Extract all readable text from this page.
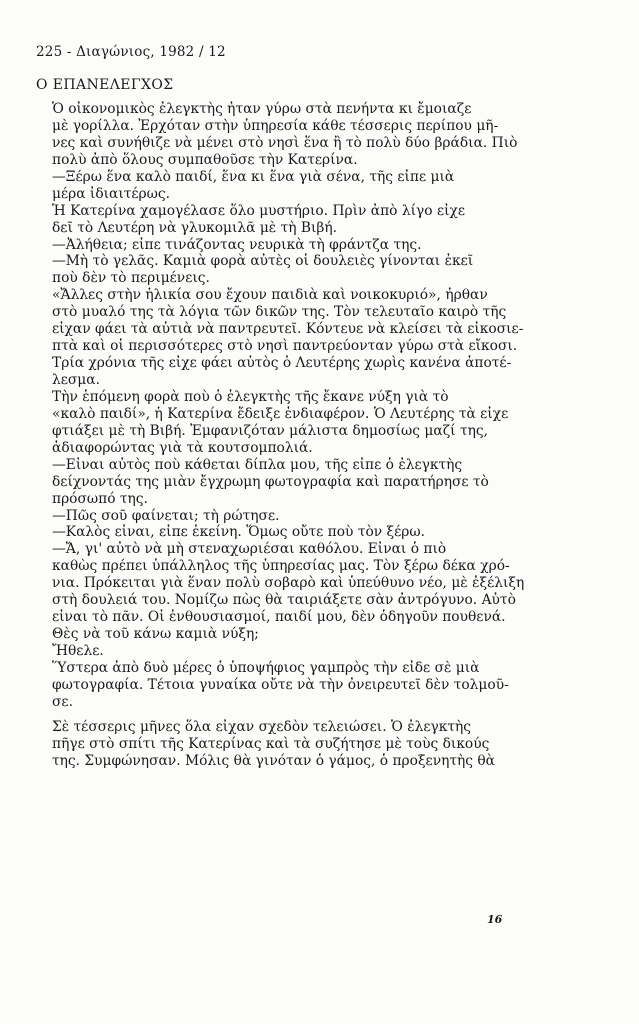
225 - Διαγώνιος, 1982 / 12
Ο ΕΠΑΝΕΛΕΓΧΟΣ
Ὁ οἰκονομικὸς ἐλεγκτὴς ἦταν γύρω στὰ πενήντα κι ἔμοιαζε
μὲ γορίλλα. Ἐρχόταν στὴν ὑπηρεσία κάθε τέσσερις περίπου μῆ-
νες καὶ συνήθιζε νὰ μένει στὸ νησὶ ἕνα ἢ τὸ πολὺ δύο βράδια. Πιὸ
πολὺ ἀπὸ ὅλους συμπαθοῦσε τὴν Κατερίνα.
—Ξέρω ἕνα καλὸ παιδί, ἕνα κι ἕνα γιὰ σένα, τῆς εἶπε μιὰ
μέρα ἰδιαιτέρως.
Ἡ Κατερίνα χαμογέλασε ὅλο μυστήριο. Πρὶν ἀπὸ λίγο εἶχε
δεῖ τὸ Λευτέρη νὰ γλυκομιλᾶ μὲ τὴ Βιβή.
—Ἀλήθεια; εἶπε τινάζοντας νευρικὰ τὴ φράντζα της.
—Μὴ τὸ γελᾶς. Καμιὰ φορὰ αὐτὲς οἱ δουλειὲς γίνονται ἐκεῖ
ποὺ δὲν τὸ περιμένεις.
«Ἄλλες στὴν ἡλικία σου ἔχουν παιδιὰ καὶ νοικοκυριό», ἦρθαν
στὸ μυαλό της τὰ λόγια τῶν δικῶν της. Τὸν τελευταῖο καιρὸ τῆς
εἶχαν φάει τὰ αὐτιὰ νὰ παντρευτεῖ. Κόντευε νὰ κλείσει τὰ εἰκοσιε-
πτὰ καὶ οἱ περισσότερες στὸ νησὶ παντρεύονταν γύρω στὰ εἴκοσι.
Τρία χρόνια τῆς εἶχε φάει αὐτὸς ὁ Λευτέρης χωρὶς κανένα ἀποτέ-
λεσμα.
Τὴν ἑπόμενη φορὰ ποὺ ὁ ἐλεγκτὴς τῆς ἔκανε νύξη γιὰ τὸ
«καλὸ παιδί», ἡ Κατερίνα ἔδειξε ἐνδιαφέρον. Ὁ Λευτέρης τὰ εἶχε
φτιάξει μὲ τὴ Βιβή. Ἐμφανιζόταν μάλιστα δημοσίως μαζί της,
ἀδιαφορώντας γιὰ τὰ κουτσομπολιά.
—Εἶναι αὐτὸς ποὺ κάθεται δίπλα μου, τῆς εἶπε ὁ ἐλεγκτὴς
δείχνοντάς της μιὰν ἔγχρωμη φωτογραφία καὶ παρατήρησε τὸ
πρόσωπό της.
—Πῶς σοῦ φαίνεται; τὴ ρώτησε.
—Καλὸς εἶναι, εἶπε ἐκείνη. Ὅμως οὔτε ποὺ τὸν ξέρω.
—Ἄ, γι' αὐτὸ νὰ μὴ στεναχωριέσαι καθόλου. Εἶναι ὁ πιὸ
καθὼς πρέπει ὑπάλληλος τῆς ὑπηρεσίας μας. Τὸν ξέρω δέκα χρό-
νια. Πρόκειται γιὰ ἕναν πολὺ σοβαρὸ καὶ ὑπεύθυνο νέο, μὲ ἐξέλιξη
στὴ δουλειά του. Νομίζω πὼς θὰ ταιριάξετε σὰν ἀντρόγυνο. Αὐτὸ
εἶναι τὸ πᾶν. Οἱ ἐνθουσιασμοί, παιδί μου, δὲν ὁδηγοῦν πουθενά.
Θὲς νὰ τοῦ κάνω καμιὰ νύξη;
Ἤθελε.
Ὕστερα ἀπὸ δυὸ μέρες ὁ ὑποψήφιος γαμπρὸς τὴν εἶδε σὲ μιὰ
φωτογραφία. Τέτοια γυναίκα οὔτε νὰ τὴν ὀνειρευτεῖ δὲν τολμοῦ-
σε.
Σὲ τέσσερις μῆνες ὅλα εἶχαν σχεδὸν τελειώσει. Ὁ ἐλεγκτὴς
πῆγε στὸ σπίτι τῆς Κατερίνας καὶ τὰ συζήτησε μὲ τοὺς δικούς
της. Συμφώνησαν. Μόλις θὰ γινόταν ὁ γάμος, ὁ προξενητὴς θὰ
16
